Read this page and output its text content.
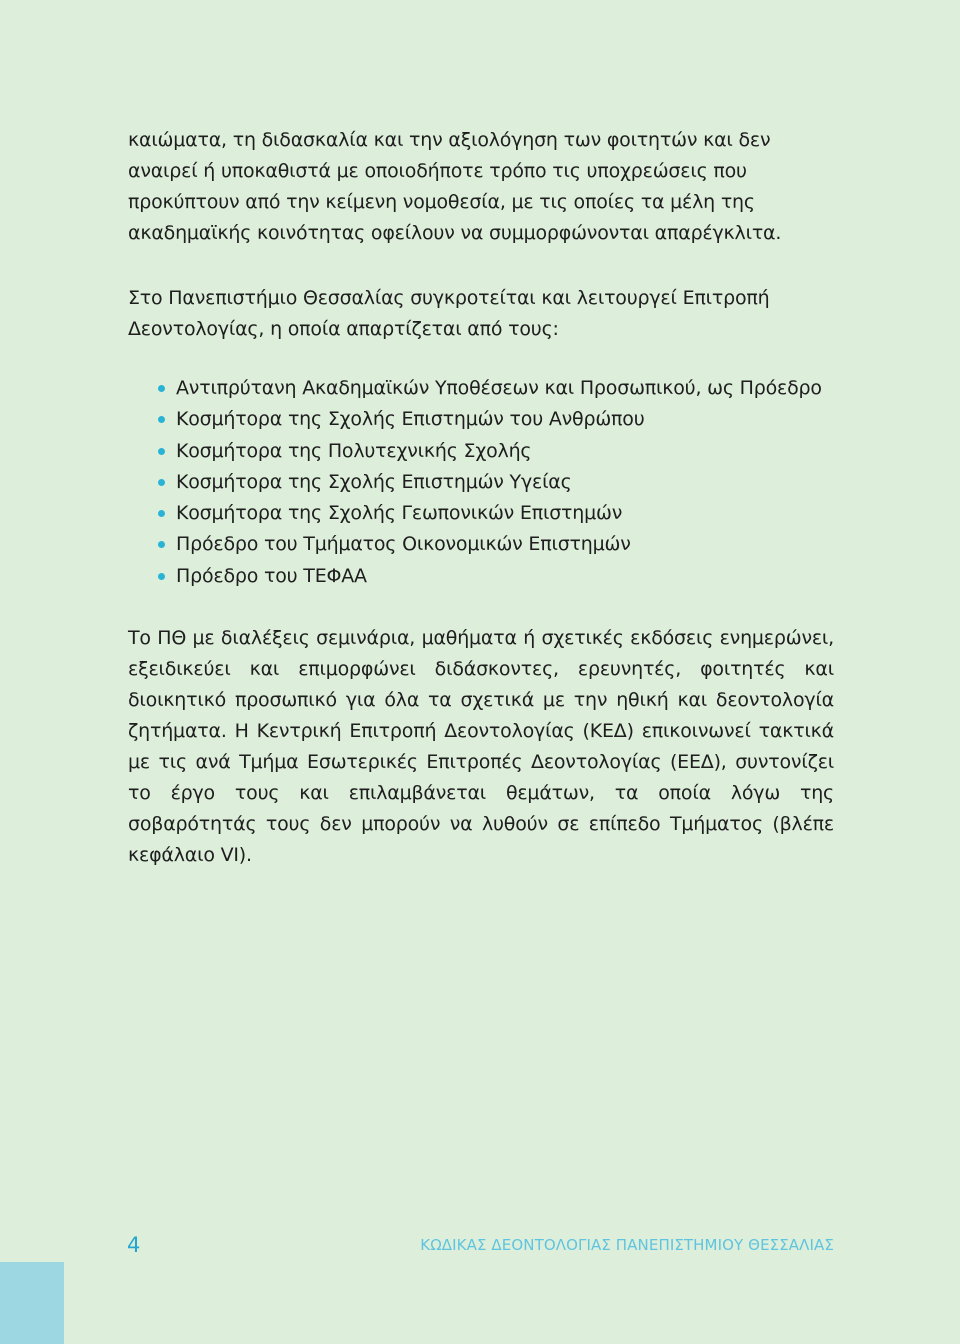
καιώματα, τη διδασκαλία και την αξιολόγηση των φοιτητών και δεν αναιρεί ή υποκαθιστά με οποιοδήποτε τρόπο τις υποχρεώσεις που προκύπτουν από την κείμενη νομοθεσία, με τις οποίες τα μέλη της ακαδημαϊκής κοινότητας οφείλουν να συμμορφώνονται απαρέγκλιτα.

Στο Πανεπιστήμιο Θεσσαλίας συγκροτείται και λειτουργεί Επιτροπή Δεοντολογίας, η οποία απαρτίζεται από τους:

Αντιπρύτανη Ακαδημαϊκών Υποθέσεων και Προσωπικού, ως Πρόεδρο
Κοσμήτορα της Σχολής Επιστημών του Ανθρώπου
Κοσμήτορα της Πολυτεχνικής Σχολής
Κοσμήτορα της Σχολής Επιστημών Υγείας
Κοσμήτορα της Σχολής Γεωπονικών Επιστημών
Πρόεδρο του Τμήματος Οικονομικών Επιστημών
Πρόεδρο του ΤΕΦΑΑ

Το ΠΘ με διαλέξεις σεμινάρια, μαθήματα ή σχετικές εκδόσεις ενημερώνει, εξειδικεύει και επιμορφώνει διδάσκοντες, ερευνητές, φοιτητές και διοικητικό προσωπικό για όλα τα σχετικά με την ηθική και δεοντολογία ζητήματα. Η Κεντρική Επιτροπή Δεοντολογίας (ΚΕΔ) επικοινωνεί τακτικά με τις ανά Τμήμα Εσωτερικές Επιτροπές Δεοντολογίας (ΕΕΔ), συντονίζει το έργο τους και επιλαμβάνεται θεμάτων, τα οποία λόγω της σοβαρότητάς τους δεν μπορούν να λυθούν σε επίπεδο Τμήματος (βλέπε κεφάλαιο VI).

4	ΚΩΔΙΚΑΣ ΔΕΟΝΤΟΛΟΓΙΑΣ ΠΑΝΕΠΙΣΤΗΜΙΟΥ ΘΕΣΣΑΛΙΑΣ
